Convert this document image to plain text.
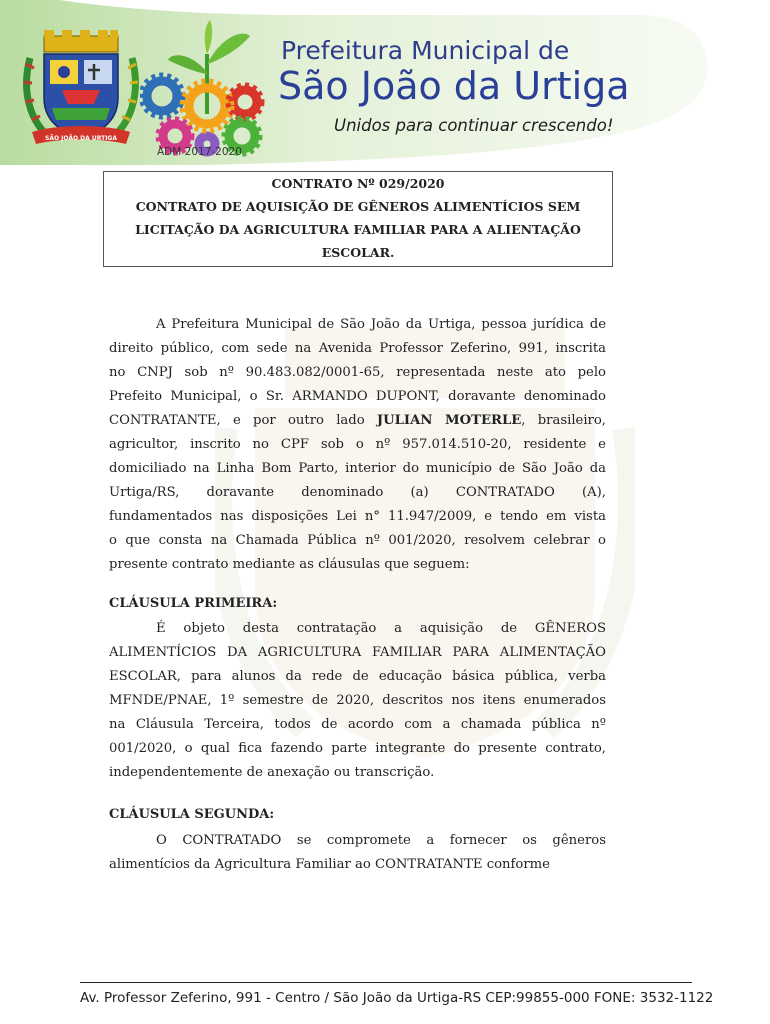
SÃO JOÃO DA URTIGA
ADM 2017-2020
Prefeitura Municipal de
São João da Urtiga
Unidos para continuar crescendo!
CONTRATO Nº 029/2020
CONTRATO DE AQUISIÇÃO DE GÊNEROS ALIMENTÍCIOS SEM
LICITAÇÃO DA AGRICULTURA FAMILIAR PARA A ALIENTAÇÃO
ESCOLAR.
A Prefeitura Municipal de São João da Urtiga, pessoa jurídica de
direito público, com sede na Avenida Professor Zeferino, 991, inscrita
no CNPJ sob nº 90.483.082/0001-65, representada neste ato pelo
Prefeito Municipal, o Sr. ARMANDO DUPONT, doravante denominado
CONTRATANTE, e por outro lado JULIAN MOTERLE, brasileiro,
agricultor, inscrito no CPF sob o nº 957.014.510-20, residente e
domiciliado na Linha Bom Parto, interior do município de São João da
Urtiga/RS, doravante denominado (a) CONTRATADO (A),
fundamentados nas disposições Lei n° 11.947/2009, e tendo em vista
o que consta na Chamada Pública nº 001/2020, resolvem celebrar o
presente contrato mediante as cláusulas que seguem:
CLÁUSULA PRIMEIRA:
É objeto desta contratação a aquisição de GÊNEROS
ALIMENTÍCIOS DA AGRICULTURA FAMILIAR PARA ALIMENTAÇÃO
ESCOLAR, para alunos da rede de educação básica pública, verba
MFNDE/PNAE, 1º semestre de 2020, descritos nos itens enumerados
na Cláusula Terceira, todos de acordo com a chamada pública nº
001/2020, o qual fica fazendo parte integrante do presente contrato,
independentemente de anexação ou transcrição.
CLÁUSULA SEGUNDA:
O CONTRATADO se compromete a fornecer os gêneros
alimentícios da Agricultura Familiar ao CONTRATANTE conforme
Av. Professor Zeferino, 991 - Centro / São João da Urtiga-RS CEP:99855-000 FONE: 3532-1122
